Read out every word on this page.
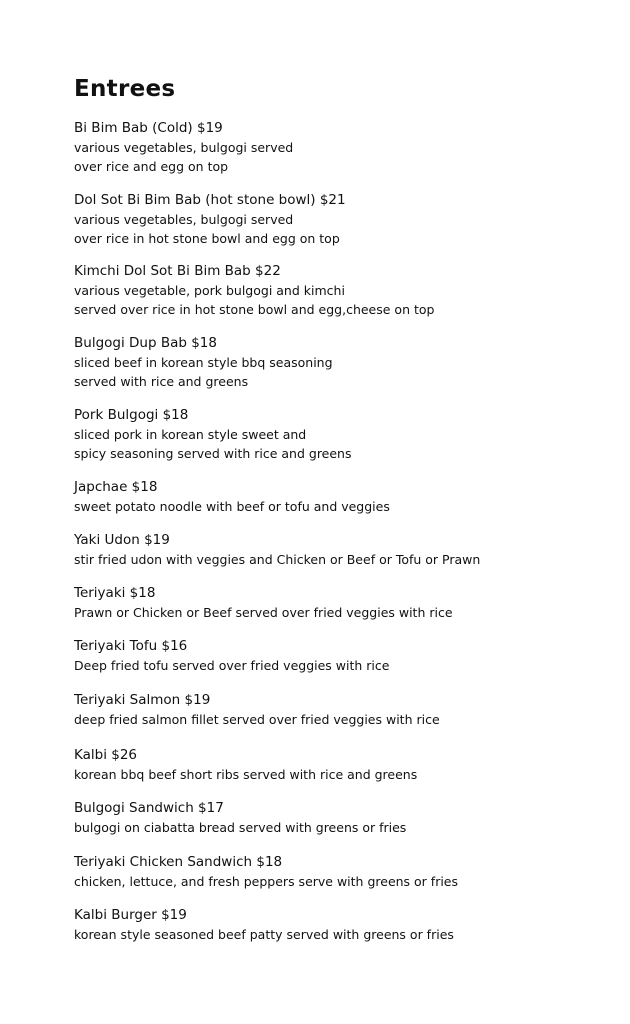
Entrees
Bi Bim Bab (Cold) $19
various vegetables, bulgogi served
over rice and egg on top
Dol Sot Bi Bim Bab (hot stone bowl) $21
various vegetables, bulgogi served
over rice in hot stone bowl and egg on top
Kimchi Dol Sot Bi Bim Bab $22
various vegetable, pork bulgogi and kimchi
served over rice in hot stone bowl and egg,cheese on top
Bulgogi Dup Bab $18
sliced beef in korean style bbq seasoning
served with rice and greens
Pork Bulgogi $18
sliced pork in korean style sweet and
spicy seasoning served with rice and greens
Japchae $18
sweet potato noodle with beef or tofu and veggies
Yaki Udon $19
stir fried udon with veggies and Chicken or Beef or Tofu or Prawn
Teriyaki $18
Prawn or Chicken or Beef served over fried veggies with rice
Teriyaki Tofu $16
Deep fried tofu served over fried veggies with rice
Teriyaki Salmon $19
deep fried salmon fillet served over fried veggies with rice
Kalbi $26
korean bbq beef short ribs served with rice and greens
Bulgogi Sandwich $17
bulgogi on ciabatta bread served with greens or fries
Teriyaki Chicken Sandwich $18
chicken, lettuce, and fresh peppers serve with greens or fries
Kalbi Burger $19
korean style seasoned beef patty served with greens or fries
